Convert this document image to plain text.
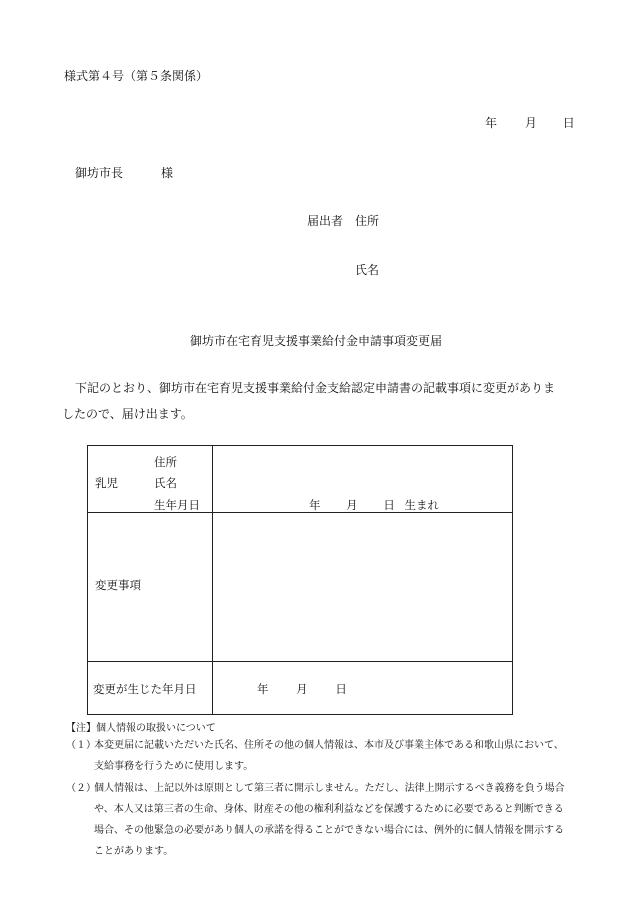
様式第４号（第５条関係）
年 月 日
御坊市長	様
届出者 住所
氏名
御坊市在宅育児支援事業給付金申請事項変更届
下記のとおり、御坊市在宅育児支援事業給付金支給認定申請書の記載事項に変更がありま
したので、届け出ます。
住所
乳児 氏名
生年月日	年 月 日 生まれ

変更事項	

変更が生じた年月日	年 月 日
【注】個人情報の取扱いについて
（１）
本変更届に記載いただいた氏名、住所その他の個人情報は、本市及び事業主体である和歌山県において、
支給事務を行うために使用します。
（２）
個人情報は、上記以外は原則として第三者に開示しません。ただし、法律上開示するべき義務を負う場合
や、本人又は第三者の生命、身体、財産その他の権利利益などを保護するために必要であると判断できる
場合、その他緊急の必要があり個人の承諾を得ることができない場合には、例外的に個人情報を開示する
ことがあります。
